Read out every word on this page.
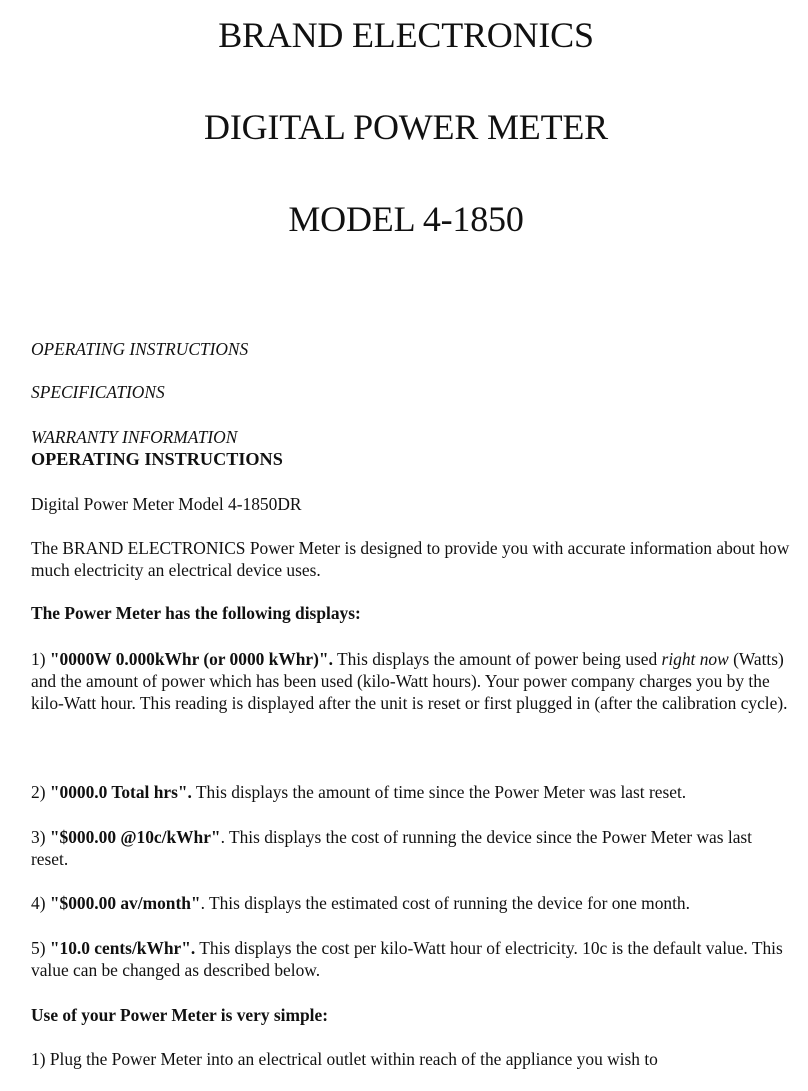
BRAND ELECTRONICS
DIGITAL POWER METER
MODEL 4-1850

OPERATING INSTRUCTIONS

SPECIFICATIONS

WARRANTY INFORMATION

OPERATING INSTRUCTIONS

Digital Power Meter Model 4-1850DR

The BRAND ELECTRONICS Power Meter is designed to provide you with accurate information about how much electricity an electrical device uses.

The Power Meter has the following displays:

1) "0000W 0.000kWhr (or 0000 kWhr)". This displays the amount of power being used right now (Watts) and the amount of power which has been used (kilo-Watt hours). Your power company charges you by the kilo-Watt hour. This reading is displayed after the unit is reset or first plugged in (after the calibration cycle).

2) "0000.0 Total hrs". This displays the amount of time since the Power Meter was last reset.

3) "$000.00 @10c/kWhr". This displays the cost of running the device since the Power Meter was last reset.

4) "$000.00 av/month". This displays the estimated cost of running the device for one month.

5) "10.0 cents/kWhr". This displays the cost per kilo-Watt hour of electricity. 10c is the default value. This value can be changed as described below.

Use of your Power Meter is very simple:

1) Plug the Power Meter into an electrical outlet within reach of the appliance you wish to
